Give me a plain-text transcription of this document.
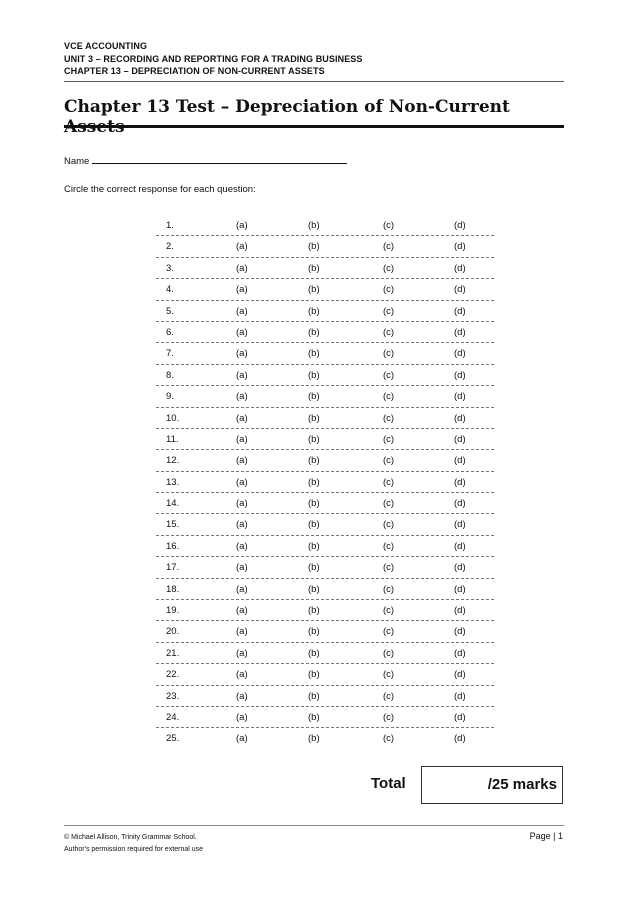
VCE ACCOUNTING
UNIT 3 – RECORDING AND REPORTING FOR A TRADING BUSINESS
CHAPTER 13 – DEPRECIATION OF NON-CURRENT ASSETS
Chapter 13 Test – Depreciation of Non-Current
Name
Circle the correct response for each question:
1.	(a)	(b)	(c)	(d)
2.	(a)	(b)	(c)	(d)
3.	(a)	(b)	(c)	(d)
4.	(a)	(b)	(c)	(d)
5.	(a)	(b)	(c)	(d)
6.	(a)	(b)	(c)	(d)
7.	(a)	(b)	(c)	(d)
8.	(a)	(b)	(c)	(d)
9.	(a)	(b)	(c)	(d)
10.	(a)	(b)	(c)	(d)
11.	(a)	(b)	(c)	(d)
12.	(a)	(b)	(c)	(d)
13.	(a)	(b)	(c)	(d)
14.	(a)	(b)	(c)	(d)
15.	(a)	(b)	(c)	(d)
16.	(a)	(b)	(c)	(d)
17.	(a)	(b)	(c)	(d)
18.	(a)	(b)	(c)	(d)
19.	(a)	(b)	(c)	(d)
20.	(a)	(b)	(c)	(d)
21.	(a)	(b)	(c)	(d)
22.	(a)	(b)	(c)	(d)
23.	(a)	(b)	(c)	(d)
24.	(a)	(b)	(c)	(d)
25.	(a)	(b)	(c)	(d)
Total	/25 marks
© Michael Allison, Trinity Grammar School.
Author's permission required for external use
Page | 1
